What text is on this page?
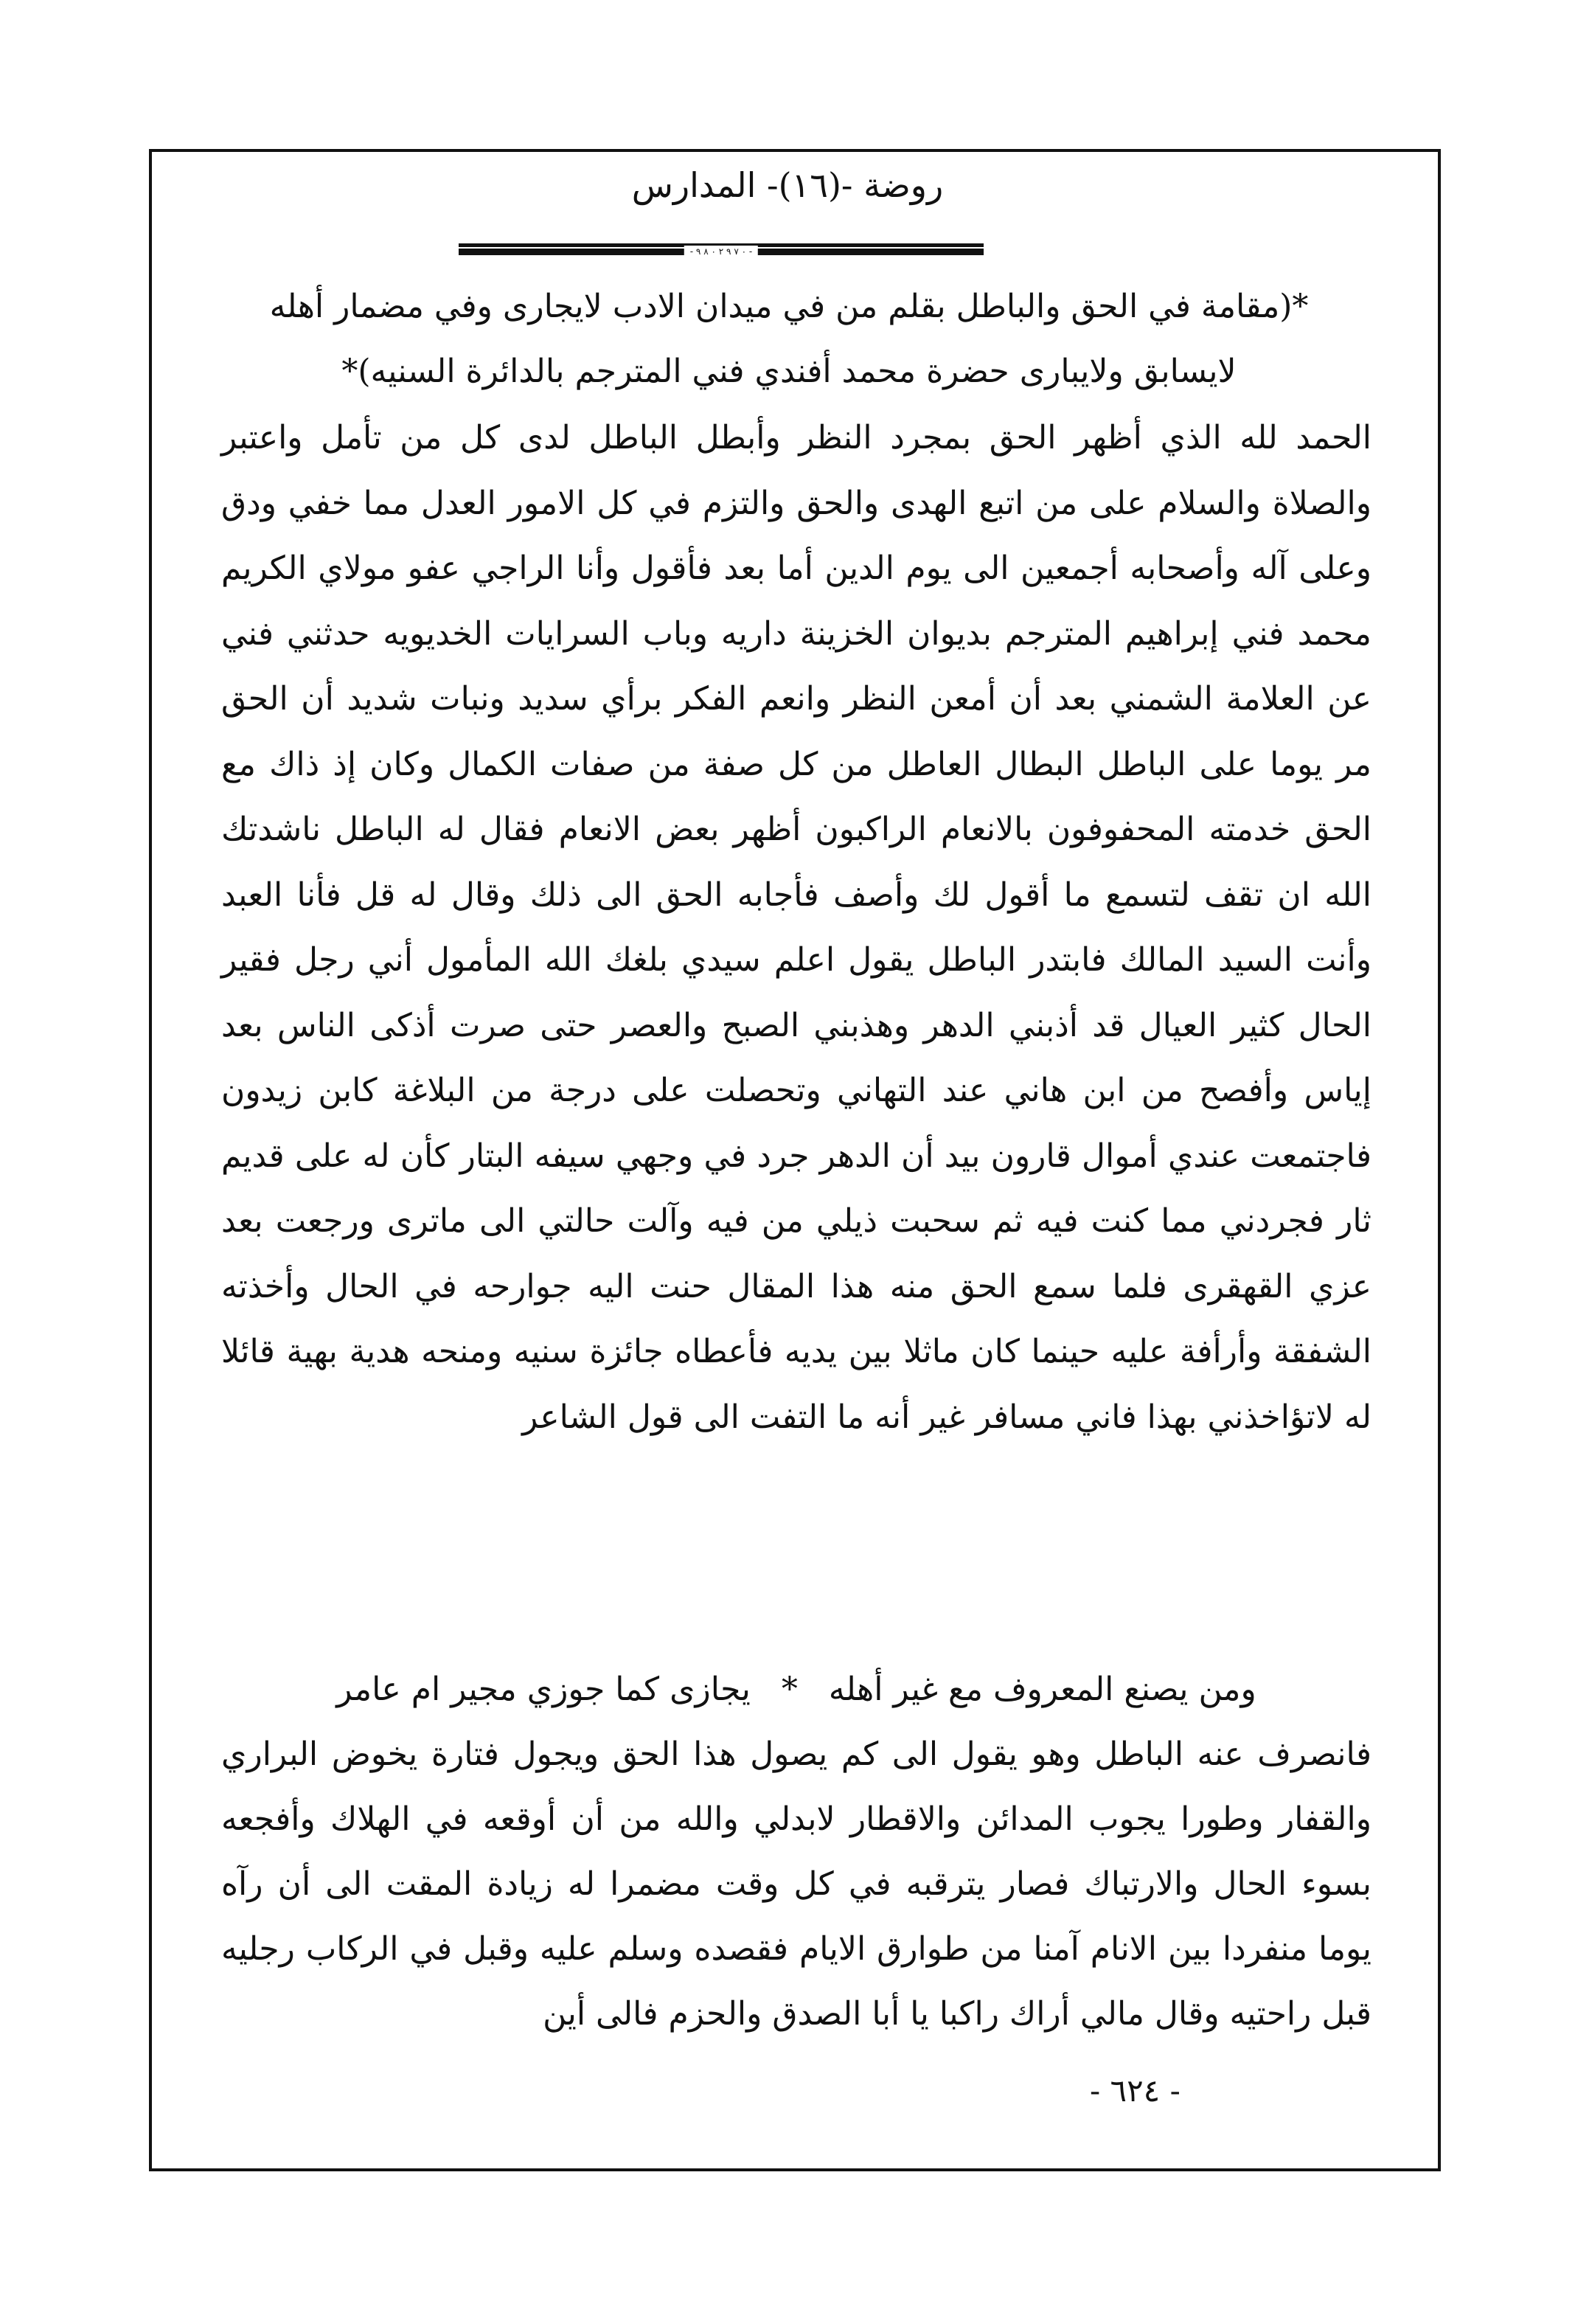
روضة -(١٦)- المدارس
- ٠ ٧ ٩ ٢ ٠ ٨ ٩ -

*(مقامة في الحق والباطل بقلم من في ميدان الادب لايجارى وفي مضمار أهله

لايسابق ولايبارى حضرة محمد أفندي فني المترجم بالدائرة السنيه)*

الحمد لله الذي أظهر الحق بمجرد النظر وأبطل الباطل لدى كل من تأمل واعتبر والصلاة والسلام على من اتبع الهدى والحق والتزم في كل الامور العدل مما خفي ودق وعلى آله وأصحابه أجمعين الى يوم الدين أما بعد فأقول وأنا الراجي عفو مولاي الكريم محمد فني إبراهيم المترجم بديوان الخزينة داريه وباب السرايات الخديويه حدثني فني عن العلامة الشمني بعد أن أمعن النظر وانعم الفكر برأي سديد ونبات شديد أن الحق مر يوما على الباطل البطال العاطل من كل صفة من صفات الكمال وكان إذ ذاك مع الحق خدمته المحفوفون بالانعام الراكبون أظهر بعض الانعام فقال له الباطل ناشدتك الله ان تقف لتسمع ما أقول لك وأصف فأجابه الحق الى ذلك وقال له قل فأنا العبد وأنت السيد المالك فابتدر الباطل يقول اعلم سيدي بلغك الله المأمول أني رجل فقير الحال كثير العيال قد أذبني الدهر وهذبني الصبح والعصر حتى صرت أذكى الناس بعد إياس وأفصح من ابن هاني عند التهاني وتحصلت على درجة من البلاغة كابن زيدون فاجتمعت عندي أموال قارون بيد أن الدهر جرد في وجهي سيفه البتار كأن له على قديم ثار فجردني مما كنت فيه ثم سحبت ذيلي من فيه وآلت حالتي الى ماترى ورجعت بعد عزي القهقرى فلما سمع الحق منه هذا المقال حنت اليه جوارحه في الحال وأخذته الشفقة وأرأفة عليه حينما كان ماثلا بين يديه فأعطاه جائزة سنيه ومنحه هدية بهية قائلا له لاتؤاخذني بهذا فاني مسافر غير أنه ما التفت الى قول الشاعر

ومن يصنع المعروف مع غير أهله * يجازى كما جوزي مجير ام عامر

فانصرف عنه الباطل وهو يقول الى كم يصول هذا الحق ويجول فتارة يخوض البراري والقفار وطورا يجوب المدائن والاقطار لابدلي والله من أن أوقعه في الهلاك وأفجعه بسوء الحال والارتباك فصار يترقبه في كل وقت مضمرا له زيادة المقت الى أن رآه يوما منفردا بين الانام آمنا من طوارق الايام فقصده وسلم عليه وقبل في الركاب رجليه قبل راحتيه وقال مالي أراك راكبا يا أبا الصدق والحزم فالى أين

- ٦٢٤ -
